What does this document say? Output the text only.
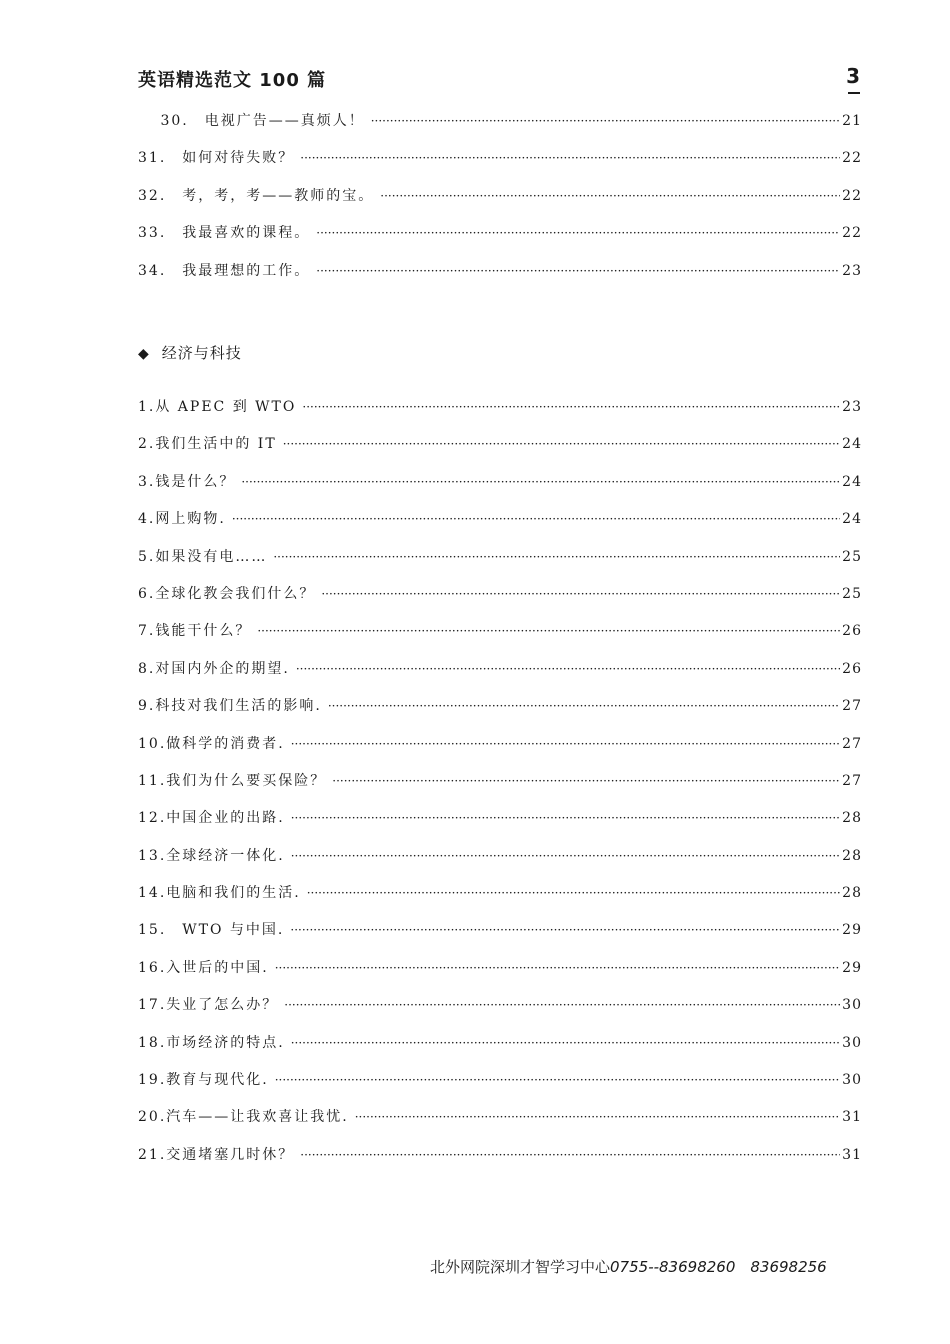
英语精选范文 100 篇	3
　 30.　电视广告——真烦人！ ·····	21
31.　如何对待失败？ ·····	22
32.　考，考，考——教师的宝。 ·····	22
33.　我最喜欢的课程。 ·····	22
34.　我最理想的工作。 ·····	23
◆ 经济与科技
1.从 APEC 到 WTO ·····	23
2.我们生活中的 IT ·····	24
3.钱是什么？ ·····	24
4.网上购物. ·····	24
5.如果没有电…… ·····	25
6.全球化教会我们什么？ ·····	25
7.钱能干什么？ ·····	26
8.对国内外企的期望. ·····	26
9.科技对我们生活的影响. ·····	27
10.做科学的消费者. ·····	27
11.我们为什么要买保险？ ·····	27
12.中国企业的出路. ·····	28
13.全球经济一体化. ·····	28
14.电脑和我们的生活. ·····	28
15.　WTO 与中国. ·····	29
16.入世后的中国. ·····	29
17.失业了怎么办？ ·····	30
18.市场经济的特点. ·····	30
19.教育与现代化. ·····	30
20.汽车——让我欢喜让我忧. ·····	31
21.交通堵塞几时休？ ·····	31
北外网院深圳才智学习中心0755--83698260　83698256
